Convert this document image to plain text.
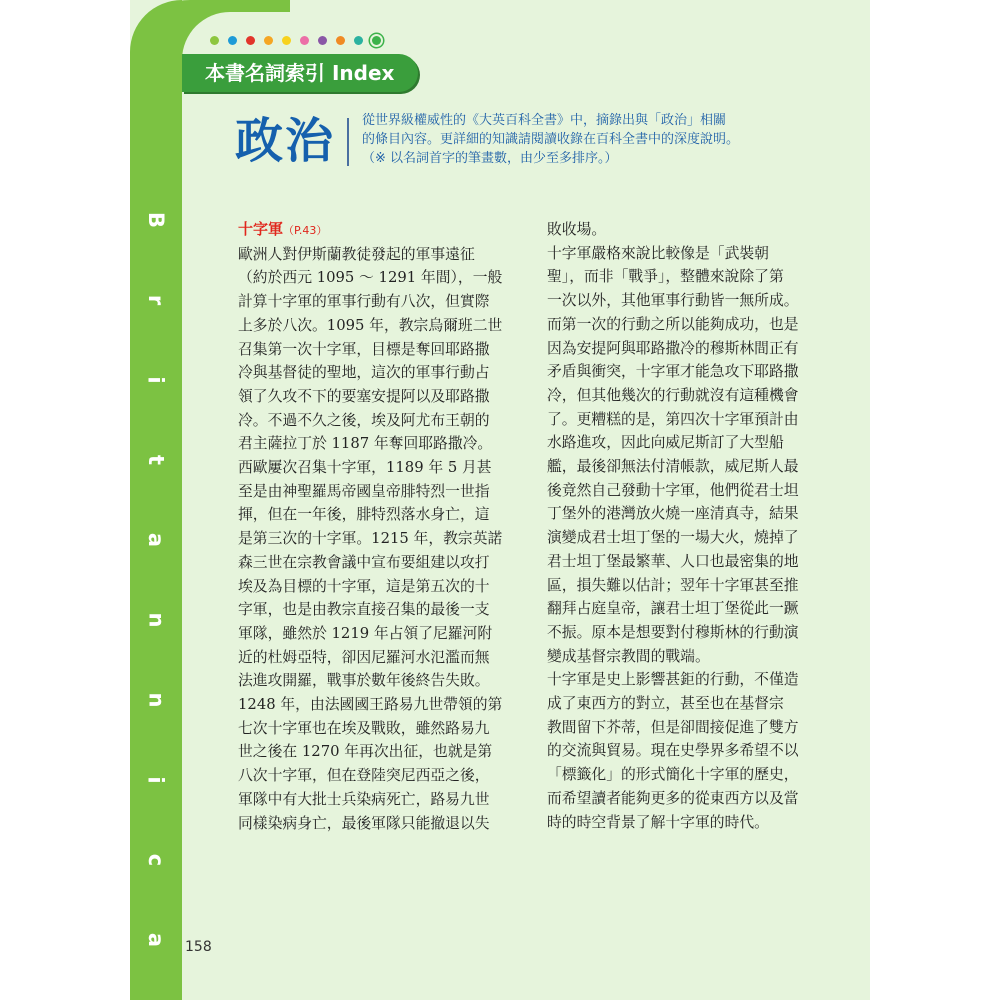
本書名詞索引 Index
B
r
i
t
a
n
n
i
c
a
政治 從世界級權威性的《大英百科全書》中，摘錄出與「政治」相關
的條目內容。更詳細的知識請閱讀收錄在百科全書中的深度說明。
（※ 以名詞首字的筆畫數，由少至多排序。）
十字軍（P.43）
歐洲人對伊斯蘭教徒發起的軍事遠征
（約於西元 1095 ～ 1291 年間），一般
計算十字軍的軍事行動有八次，但實際
上多於八次。1095 年，教宗烏爾班二世
召集第一次十字軍，目標是奪回耶路撒
冷與基督徒的聖地，這次的軍事行動占
領了久攻不下的要塞安提阿以及耶路撒
冷。不過不久之後，埃及阿尤布王朝的
君主薩拉丁於 1187 年奪回耶路撒冷。
西歐屢次召集十字軍，1189 年 5 月甚
至是由神聖羅馬帝國皇帝腓特烈一世指
揮，但在一年後，腓特烈落水身亡，這
是第三次的十字軍。1215 年，教宗英諾
森三世在宗教會議中宣布要組建以攻打
埃及為目標的十字軍，這是第五次的十
字軍，也是由教宗直接召集的最後一支
軍隊，雖然於 1219 年占領了尼羅河附
近的杜姆亞特，卻因尼羅河水氾濫而無
法進攻開羅，戰事於數年後終告失敗。
1248 年，由法國國王路易九世帶領的第
七次十字軍也在埃及戰敗，雖然路易九
世之後在 1270 年再次出征，也就是第
八次十字軍，但在登陸突尼西亞之後，
軍隊中有大批士兵染病死亡，路易九世
同樣染病身亡，最後軍隊只能撤退以失
敗收場。
十字軍嚴格來說比較像是「武裝朝
聖」，而非「戰爭」，整體來說除了第
一次以外，其他軍事行動皆一無所成。
而第一次的行動之所以能夠成功，也是
因為安提阿與耶路撒冷的穆斯林間正有
矛盾與衝突，十字軍才能急攻下耶路撒
冷，但其他幾次的行動就沒有這種機會
了。更糟糕的是，第四次十字軍預計由
水路進攻，因此向威尼斯訂了大型船
艦，最後卻無法付清帳款，威尼斯人最
後竟然自己發動十字軍，他們從君士坦
丁堡外的港灣放火燒一座清真寺，結果
演變成君士坦丁堡的一場大火，燒掉了
君士坦丁堡最繁華、人口也最密集的地
區，損失難以估計；翌年十字軍甚至推
翻拜占庭皇帝，讓君士坦丁堡從此一蹶
不振。原本是想要對付穆斯林的行動演
變成基督宗教間的戰端。
十字軍是史上影響甚鉅的行動，不僅造
成了東西方的對立，甚至也在基督宗
教間留下芥蒂，但是卻間接促進了雙方
的交流與貿易。現在史學界多希望不以
「標籤化」的形式簡化十字軍的歷史，
而希望讀者能夠更多的從東西方以及當
時的時空背景了解十字軍的時代。
158
